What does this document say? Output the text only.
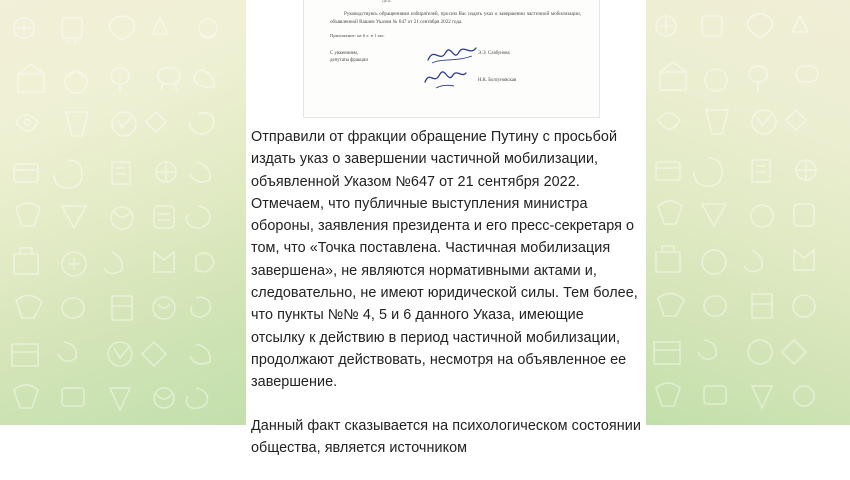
ДЕП.
Руководствуясь обращениями избирателей, просим Вас издать указ о завершении частичной мобилизации, объявленной Вашим Указом № 647 от 21 сентября 2022 года.
Приложение: на 6 л. в 1 экз.
С уважением,
депутаты фракции
Э.Э. Слабунова
Н.К. Болсуновская

Отправили от фракции обращение Путину с просьбой издать указ о завершении частичной мобилизации, объявленной Указом №647 от 21 сентября 2022. Отмечаем, что публичные выступления министра обороны, заявления президента и его пресс-секретаря о том, что «Точка поставлена. Частичная мобилизация завершена», не являются нормативными актами и, следовательно, не имеют юридической силы. Тем более, что пункты №№ 4, 5 и 6 данного Указа, имеющие отсылку к действию в период частичной мобилизации, продолжают действовать, несмотря на объявленное ее завершение.

Данный факт сказывается на психологическом состоянии общества, является источником
